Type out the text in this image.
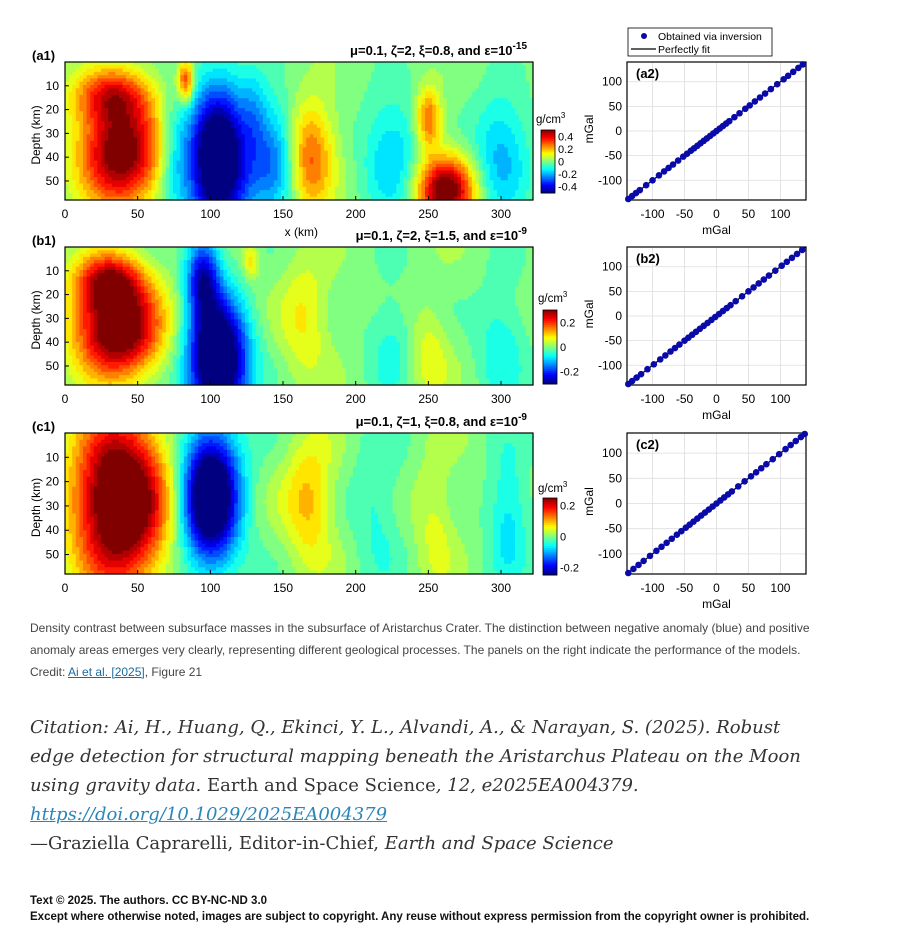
0	50	100	150	200	250	300
10
20
30
40
50
(a1)
Depth (km)
x (km)
μ=0.1, ζ=2, ξ=0.8, and $\varepsilon=10^{-15}$
0.4
0.2
0
-0.2
-0.4
$g/cm^3$
-100 -50 0 50 100
100
50
0
-50
-100
(a2)
mGal
mGal
Obtained via inversion
Perfectly fit
0	50	100	150	200	250	300
10
20
30
40
50
(b1)
Depth (km)
μ=0.1, ζ=2, ξ=1.5, and $\varepsilon=10^{-9}$
0.2
0
-0.2
$g/cm^3$
-100 -50 0 50 100
100
50
0
-50
-100
(b2)
mGal
mGal
0	50	100	150	200	250	300
10
20
30
40
50
(c1)
Depth (km)
μ=0.1, ζ=1, ξ=0.8, and $\varepsilon=10^{-9}$
0.2
0
-0.2
$g/cm^3$
-100 -50 0 50 100
100
50
0
-50
-100
(c2)
mGal
mGal
Density contrast between subsurface masses in the subsurface of Aristarchus Crater. The distinction between negative anomaly (blue) and positive anomaly areas emerges very clearly, representing different geological processes. The panels on the right indicate the performance of the models. Credit: Ai et al. [2025], Figure 21
Citation: Ai, H., Huang, Q., Ekinci, Y. L., Alvandi, A., & Narayan, S. (2025). Robust edge detection for structural mapping beneath the Aristarchus Plateau on the Moon using gravity data. Earth and Space Science, 12, e2025EA004379. https://doi.org/10.1029/2025EA004379
—Graziella Caprarelli, Editor-in-Chief, Earth and Space Science
Text © 2025. The authors. CC BY-NC-ND 3.0
Except where otherwise noted, images are subject to copyright. Any reuse without express permission from the copyright owner is prohibited.
